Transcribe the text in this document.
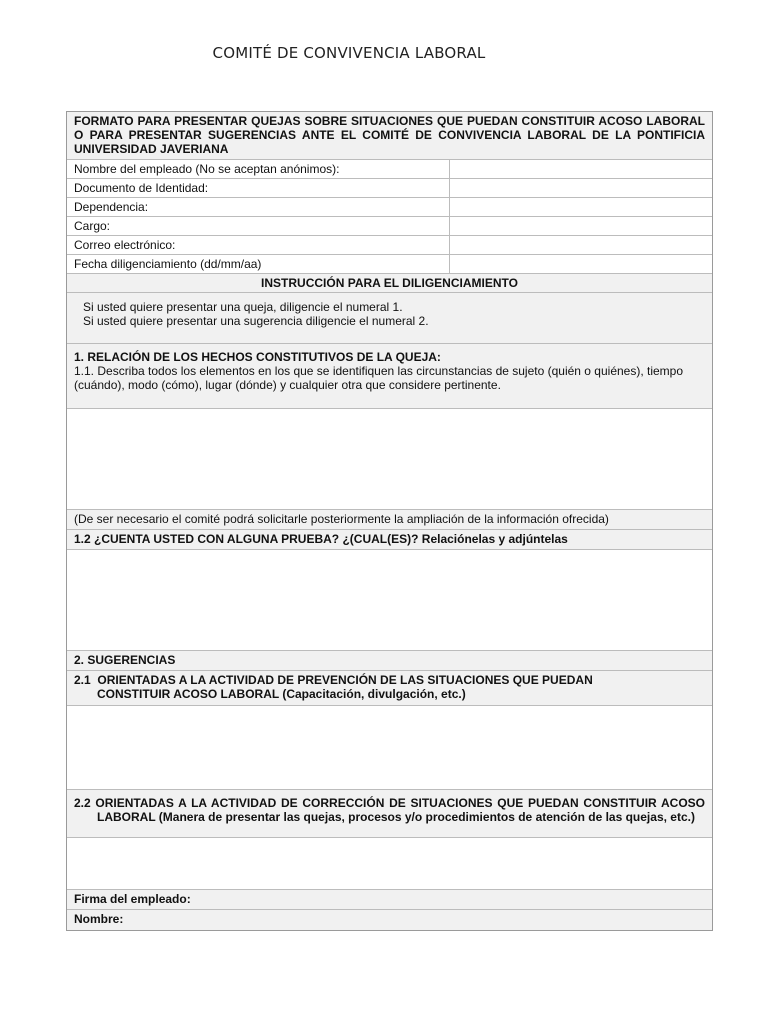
COMITÉ DE CONVIVENCIA LABORAL
FORMATO PARA PRESENTAR QUEJAS SOBRE SITUACIONES QUE PUEDAN CONSTITUIR ACOSO LABORAL O PARA PRESENTAR SUGERENCIAS ANTE EL COMITÉ DE CONVIVENCIA LABORAL DE LA PONTIFICIA UNIVERSIDAD JAVERIANA
Nombre del empleado (No se aceptan anónimos):
Documento de Identidad:
Dependencia:
Cargo:
Correo electrónico:
Fecha diligenciamiento (dd/mm/aa)
INSTRUCCIÓN PARA EL DILIGENCIAMIENTO
Si usted quiere presentar una queja, diligencie el numeral 1.
Si usted quiere presentar una sugerencia diligencie el numeral 2.
1. RELACIÓN DE LOS HECHOS CONSTITUTIVOS DE LA QUEJA:
1.1. Describa todos los elementos en los que se identifiquen las circunstancias de sujeto (quién o quiénes), tiempo (cuándo), modo (cómo), lugar (dónde) y cualquier otra que considere pertinente.
(De ser necesario el comité podrá solicitarle posteriormente la ampliación de la información ofrecida)
1.2 ¿CUENTA USTED CON ALGUNA PRUEBA? ¿(CUAL(ES)? Relaciónelas y adjúntelas
2. SUGERENCIAS
2.1 ORIENTADAS A LA ACTIVIDAD DE PREVENCIÓN DE LAS SITUACIONES QUE PUEDAN
CONSTITUIR ACOSO LABORAL (Capacitación, divulgación, etc.)
2.2 ORIENTADAS A LA ACTIVIDAD DE CORRECCIÓN DE SITUACIONES QUE PUEDAN CONSTITUIR ACOSO LABORAL (Manera de presentar las quejas, procesos y/o procedimientos de atención de las quejas, etc.)
Firma del empleado:
Nombre:
